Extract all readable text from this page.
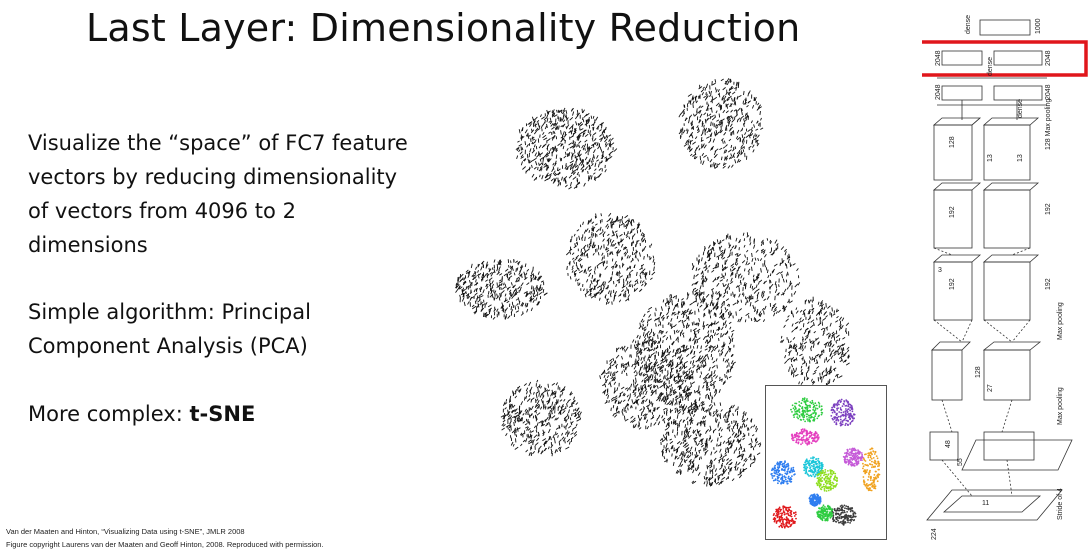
Last Layer: Dimensionality Reduction
Visualize the “space” of FC7 feature vectors by reducing dimensionality of vectors from 4096 to 2 dimensions
Simple algorithm: Principal Component Analysis (PCA)
More complex: t-SNE
Van der Maaten and Hinton, “Visualizing Data using t-SNE”, JMLR 2008
Figure copyright Laurens van der Maaten and Geoff Hinton, 2008. Reproduced with permission.
dense	1000
2048	2048
dense
2048	2048
dense
128	128 Max pooling
13	13
192	192
192	192
3
Max pooling
27
128
48
55
Max pooling
224
Stride of 4
11
